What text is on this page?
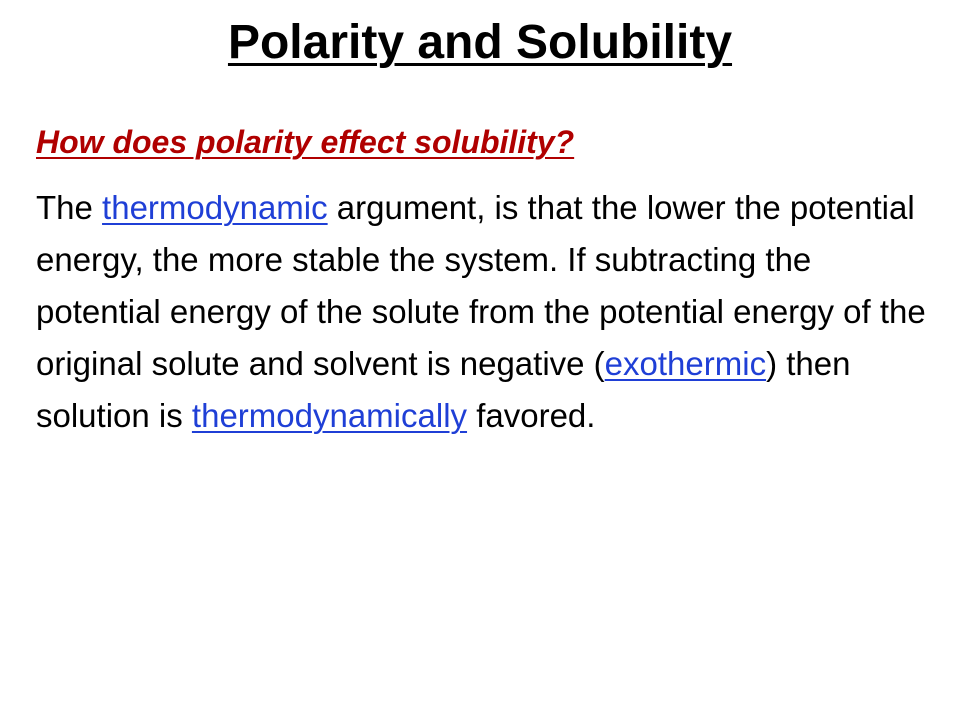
Polarity and Solubility

How does polarity effect solubility?

The thermodynamic argument, is that the lower the potential energy, the more stable the system. If subtracting the potential energy of the solute from the potential energy of the original solute and solvent is negative (exothermic) then solution is thermodynamically favored.
